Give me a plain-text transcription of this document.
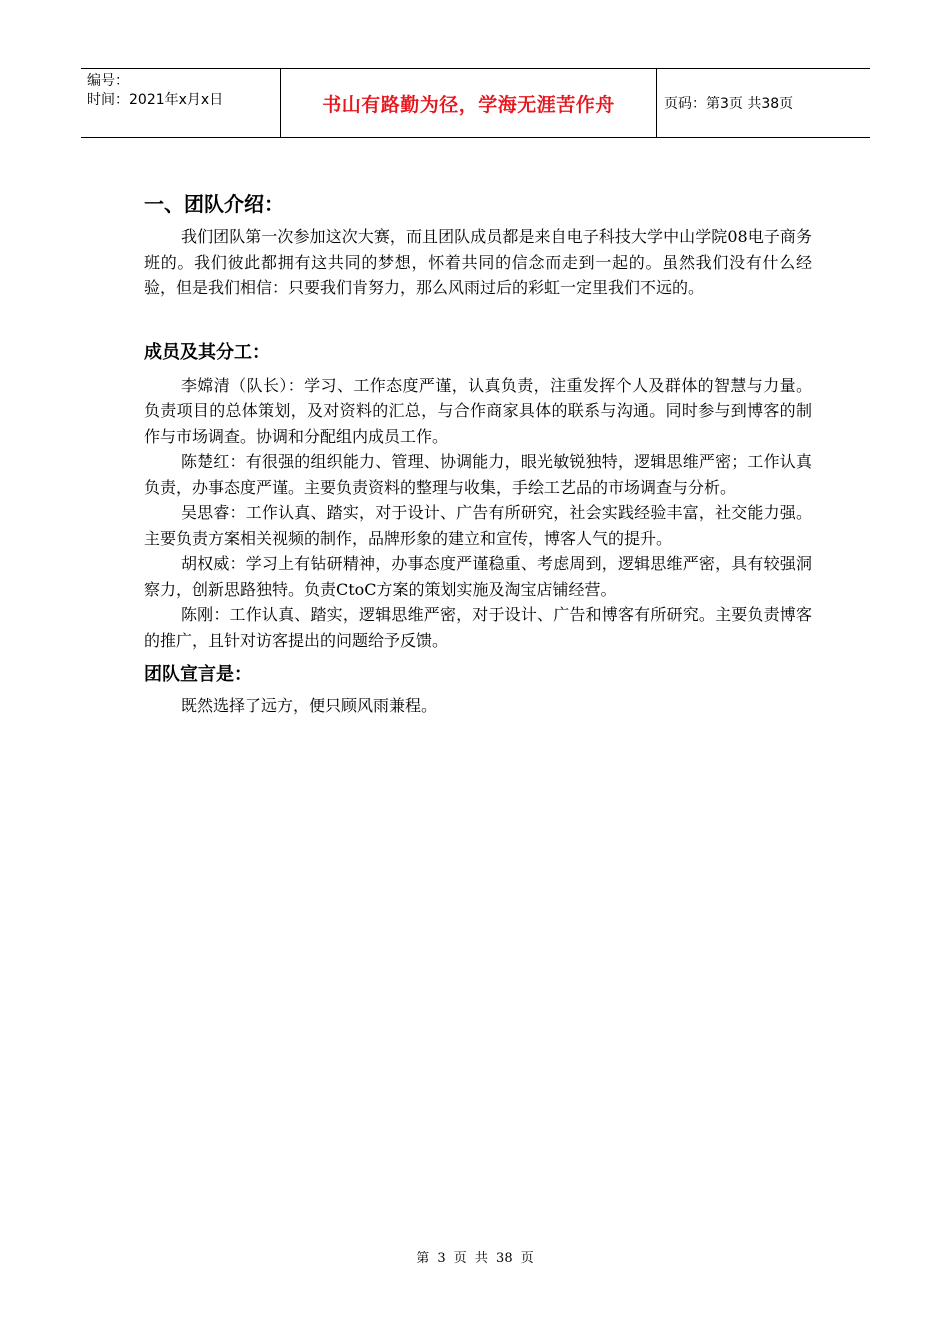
编号：
时间：2021年x月x日	书山有路勤为径，学海无涯苦作舟	页码：第3页 共38页
一、团队介绍：

我们团队第一次参加这次大赛，而且团队成员都是来自电子科技大学中山学院08电子商务班的。我们彼此都拥有这共同的梦想，怀着共同的信念而走到一起的。虽然我们没有什么经验，但是我们相信：只要我们肯努力，那么风雨过后的彩虹一定里我们不远的。

成员及其分工：

李嫦清（队长）：学习、工作态度严谨，认真负责，注重发挥个人及群体的智慧与力量。负责项目的总体策划，及对资料的汇总，与合作商家具体的联系与沟通。同时参与到博客的制作与市场调查。协调和分配组内成员工作。

陈楚红：有很强的组织能力、管理、协调能力，眼光敏锐独特，逻辑思维严密；工作认真负责，办事态度严谨。主要负责资料的整理与收集，手绘工艺品的市场调查与分析。

吴思睿：工作认真、踏实，对于设计、广告有所研究，社会实践经验丰富，社交能力强。主要负责方案相关视频的制作，品牌形象的建立和宣传，博客人气的提升。

胡权威：学习上有钻研精神，办事态度严谨稳重、考虑周到，逻辑思维严密，具有较强洞察力，创新思路独特。负责CtoC方案的策划实施及淘宝店铺经营。

陈刚：工作认真、踏实，逻辑思维严密，对于设计、广告和博客有所研究。主要负责博客的推广，且针对访客提出的问题给予反馈。

团队宣言是：

既然选择了远方，便只顾风雨兼程。

第 3 页 共 38 页
